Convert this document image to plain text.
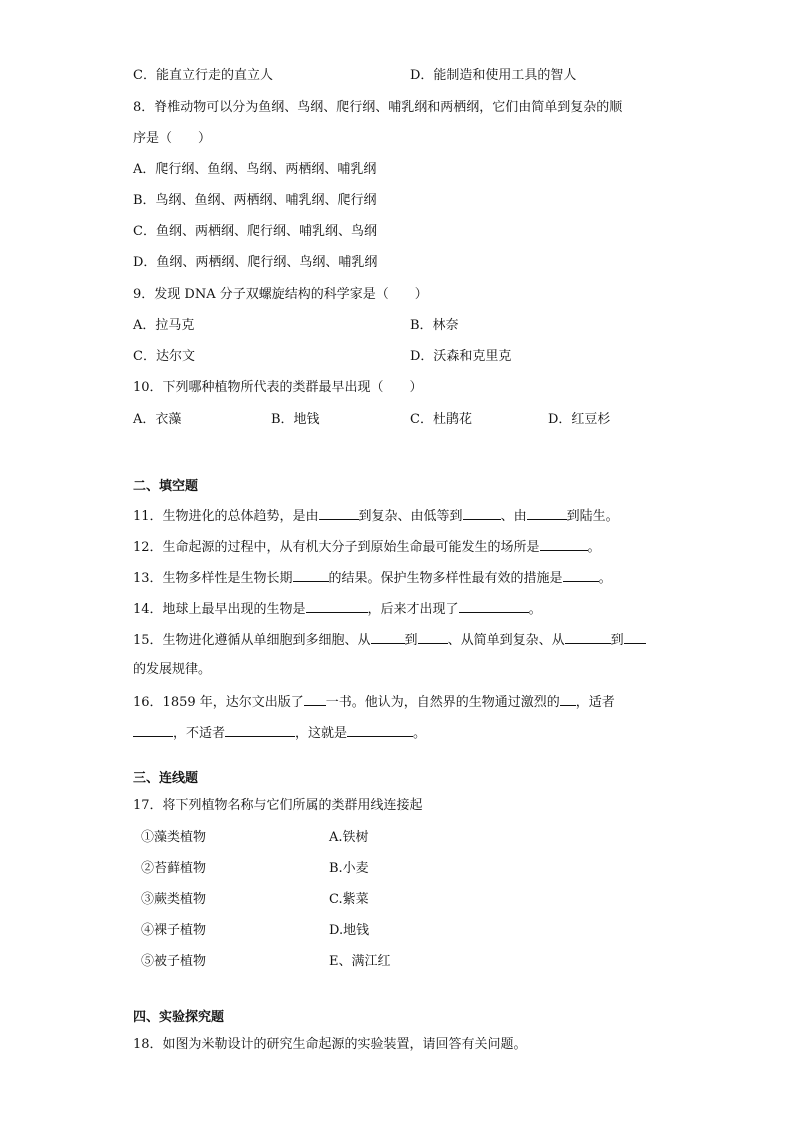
C．能直立行走的直立人	D．能制造和使用工具的智人
8．脊椎动物可以分为鱼纲、鸟纲、爬行纲、哺乳纲和两栖纲，它们由简单到复杂的顺
序是（　　）
A．爬行纲、鱼纲、鸟纲、两栖纲、哺乳纲
B．鸟纲、鱼纲、两栖纲、哺乳纲、爬行纲
C．鱼纲、两栖纲、爬行纲、哺乳纲、鸟纲
D．鱼纲、两栖纲、爬行纲、鸟纲、哺乳纲
9．发现 DNA 分子双螺旋结构的科学家是（　　）
A．拉马克	B．林奈
C．达尔文	D．沃森和克里克
10．下列哪种植物所代表的类群最早出现（　　）
A．衣藻	B．地钱	C．杜鹃花	D．红豆杉
二、填空题
11．生物进化的总体趋势，是由	到复杂、由低等到	、由	到陆生。
12．生命起源的过程中，从有机大分子到原始生命最可能发生的场所是	。
13．生物多样性是生物长期	的结果。保护生物多样性最有效的措施是	。
14．地球上最早出现的生物是	，后来才出现了	。
15．生物进化遵循从单细胞到多细胞、从	到 、从简单到复杂、从	到
的发展规律。
16．1859 年，达尔文出版了 一书。他认为，自然界的生物通过激烈的 ，适者
，不适者	，这就是	。
三、连线题
17．将下列植物名称与它们所属的类群用线连接起
①藻类植物	A.铁树
②苔藓植物	B.小麦
③蕨类植物	C.紫菜
④裸子植物	D.地钱
⑤被子植物	E、满江红
四、实验探究题
18．如图为米勒设计的研究生命起源的实验装置，请回答有关问题。
